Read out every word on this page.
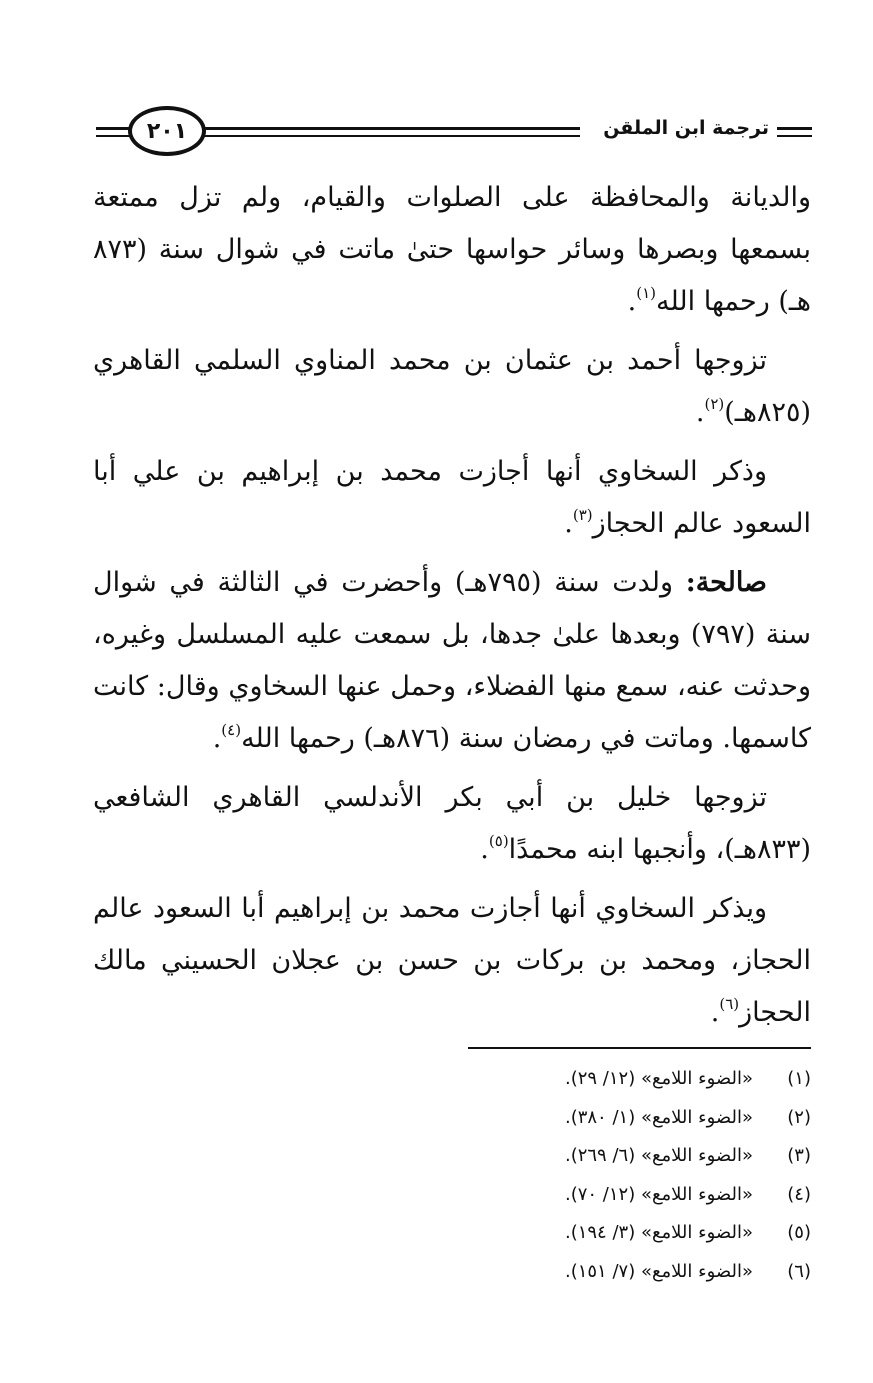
٢٠١	ترجمة ابن الملقن

والديانة والمحافظة على الصلوات والقيام، ولم تزل ممتعة بسمعها وبصرها وسائر حواسها حتىٰ ماتت في شوال سنة (٨٧٣ هـ) رحمها الله$^{(١)}$.

تزوجها أحمد بن عثمان بن محمد المناوي السلمي القاهري (٨٢٥هـ)$^{(٢)}$.

وذكر السخاوي أنها أجازت محمد بن إبراهيم بن علي أبا السعود عالم الحجاز$^{(٣)}$.

صالحة: ولدت سنة (٧٩٥هـ) وأحضرت في الثالثة في شوال سنة (٧٩٧) وبعدها علىٰ جدها، بل سمعت عليه المسلسل وغيره، وحدثت عنه، سمع منها الفضلاء، وحمل عنها السخاوي وقال: كانت كاسمها. وماتت في رمضان سنة (٨٧٦هـ) رحمها الله$^{(٤)}$.

تزوجها خليل بن أبي بكر الأندلسي القاهري الشافعي (٨٣٣هـ)، وأنجبها ابنه محمدًا$^{(٥)}$.

ويذكر السخاوي أنها أجازت محمد بن إبراهيم أبا السعود عالم الحجاز، ومحمد بن بركات بن حسن بن عجلان الحسيني مالك الحجاز$^{(٦)}$.

(١)
«الضوء اللامع» (١٢/ ٢٩).
(٢)
«الضوء اللامع» (١/ ٣٨٠).
(٣)
«الضوء اللامع» (٦/ ٢٦٩).
(٤)
«الضوء اللامع» (١٢/ ٧٠).
(٥)
«الضوء اللامع» (٣/ ١٩٤).
(٦)
«الضوء اللامع» (٧/ ١٥١).
